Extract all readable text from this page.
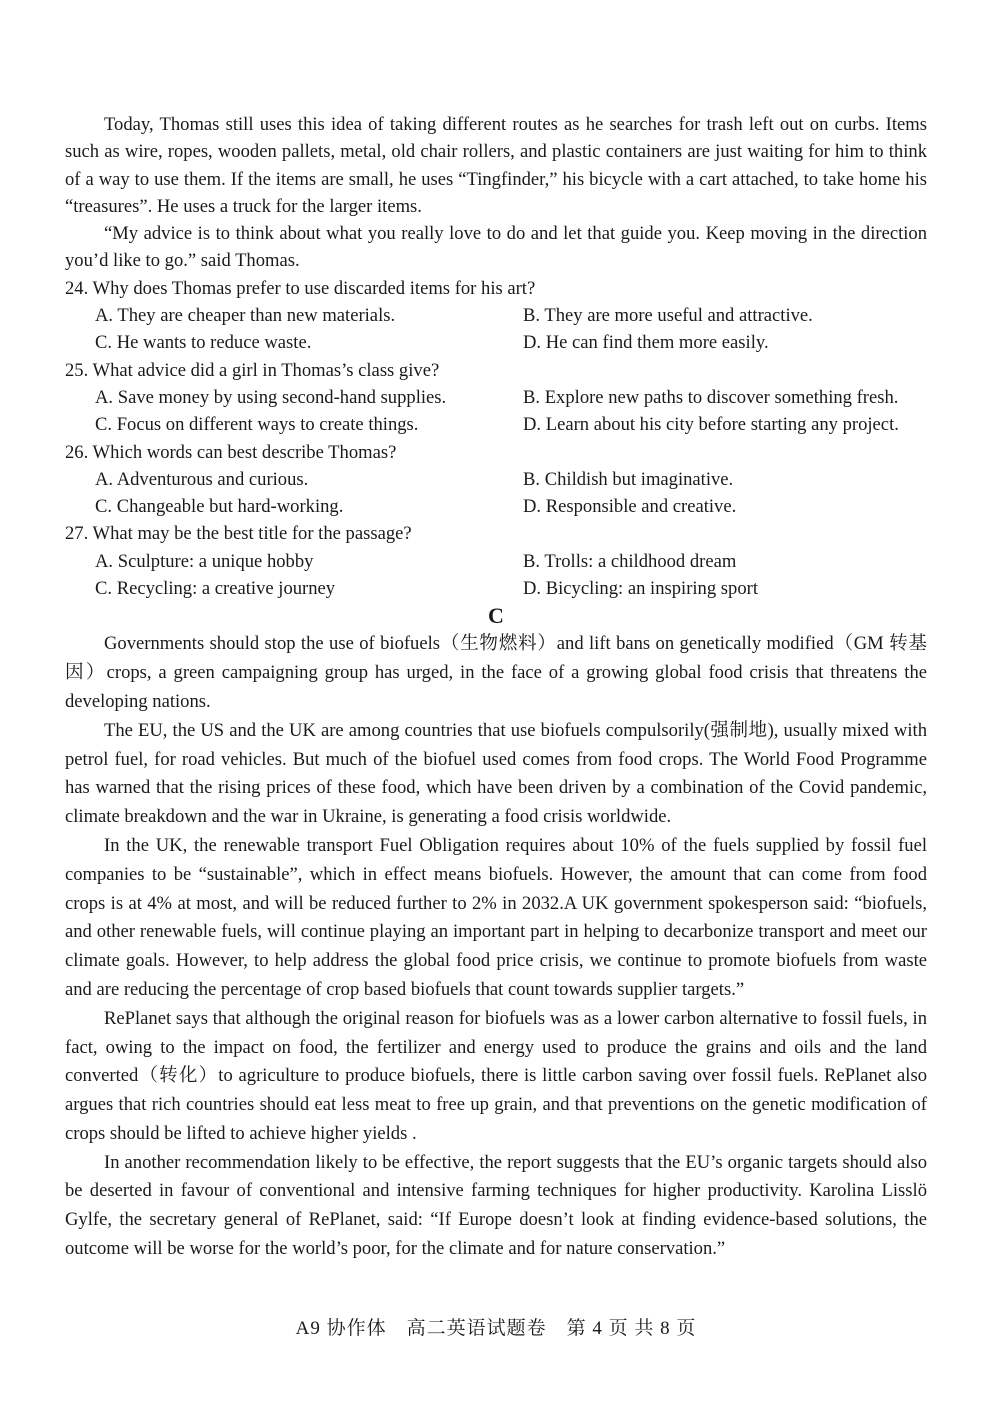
Today, Thomas still uses this idea of taking different routes as he searches for trash left out on curbs. Items such as wire, ropes, wooden pallets, metal, old chair rollers, and plastic containers are just waiting for him to think of a way to use them. If the items are small, he uses “Tingfinder,” his bicycle with a cart attached, to take home his “treasures”. He uses a truck for the larger items.

“My advice is to think about what you really love to do and let that guide you. Keep moving in the direction you’d like to go.” said Thomas.

24. Why does Thomas prefer to use discarded items for his art?

A. They are cheaper than new materials.	B. They are more useful and attractive.
C. He wants to reduce waste.	D. He can find them more easily.

25. What advice did a girl in Thomas’s class give?

A. Save money by using second-hand supplies.	B. Explore new paths to discover something fresh.
C. Focus on different ways to create things.	D. Learn about his city before starting any project.

26. Which words can best describe Thomas?

A. Adventurous and curious.	B. Childish but imaginative.
C. Changeable but hard-working.	D. Responsible and creative.

27. What may be the best title for the passage?

A. Sculpture: a unique hobby	B. Trolls: a childhood dream
C. Recycling: a creative journey	D. Bicycling: an inspiring sport

C

Governments should stop the use of biofuels（生物燃料）and lift bans on genetically modified（GM 转基因）crops, a green campaigning group has urged, in the face of a growing global food crisis that threatens the developing nations.

The EU, the US and the UK are among countries that use biofuels compulsorily(强制地), usually mixed with petrol fuel, for road vehicles. But much of the biofuel used comes from food crops. The World Food Programme has warned that the rising prices of these food, which have been driven by a combination of the Covid pandemic, climate breakdown and the war in Ukraine, is generating a food crisis worldwide.

In the UK, the renewable transport Fuel Obligation requires about 10% of the fuels supplied by fossil fuel companies to be “sustainable”, which in effect means biofuels. However, the amount that can come from food crops is at 4% at most, and will be reduced further to 2% in 2032.A UK government spokesperson said: “biofuels, and other renewable fuels, will continue playing an important part in helping to decarbonize transport and meet our climate goals. However, to help address the global food price crisis, we continue to promote biofuels from waste and are reducing the percentage of crop based biofuels that count towards supplier targets.”

RePlanet says that although the original reason for biofuels was as a lower carbon alternative to fossil fuels, in fact, owing to the impact on food, the fertilizer and energy used to produce the grains and oils and the land converted（转化）to agriculture to produce biofuels, there is little carbon saving over fossil fuels. RePlanet also argues that rich countries should eat less meat to free up grain, and that preventions on the genetic modification of crops should be lifted to achieve higher yields .

In another recommendation likely to be effective, the report suggests that the EU’s organic targets should also be deserted in favour of conventional and intensive farming techniques for higher productivity. Karolina Lisslö Gylfe, the secretary general of RePlanet, said: “If Europe doesn’t look at finding evidence-based solutions, the outcome will be worse for the world’s poor, for the climate and for nature conservation.”

A9 协作体　高二英语试题卷　第 4 页 共 8 页
